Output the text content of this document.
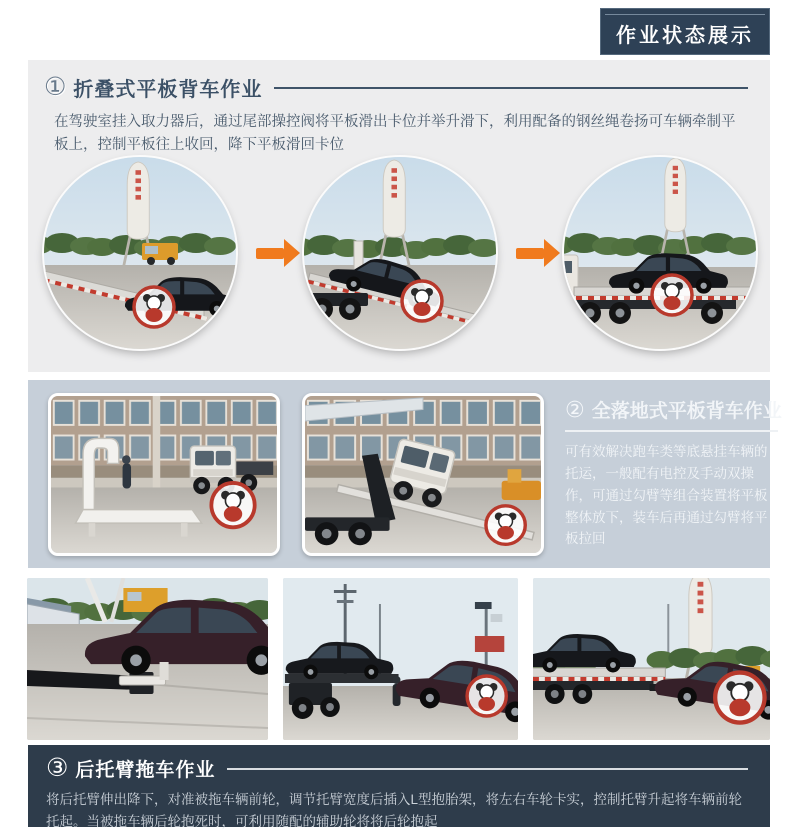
作业状态展示
① 折叠式平板背车作业

在驾驶室挂入取力器后，通过尾部操控阀将平板滑出卡位并举升滑下，利用配备的钢丝绳卷扬可车辆牵制平板上，控制平板往上收回，降下平板滑回卡位

② 全落地式平板背车作业

可有效解决跑车类等底悬挂车辆的托运，一般配有电控及手动双操作，可通过勾臂等组合装置将平板整体放下，装车后再通过勾臂将平板拉回

③ 后托臂拖车作业

将后托臂伸出降下，对准被拖车辆前轮，调节托臂宽度后插入L型抱胎架，将左右车轮卡实，控制托臂升起将车辆前轮托起。当被拖车辆后轮抱死时，可利用随配的辅助轮将将后轮抱起
